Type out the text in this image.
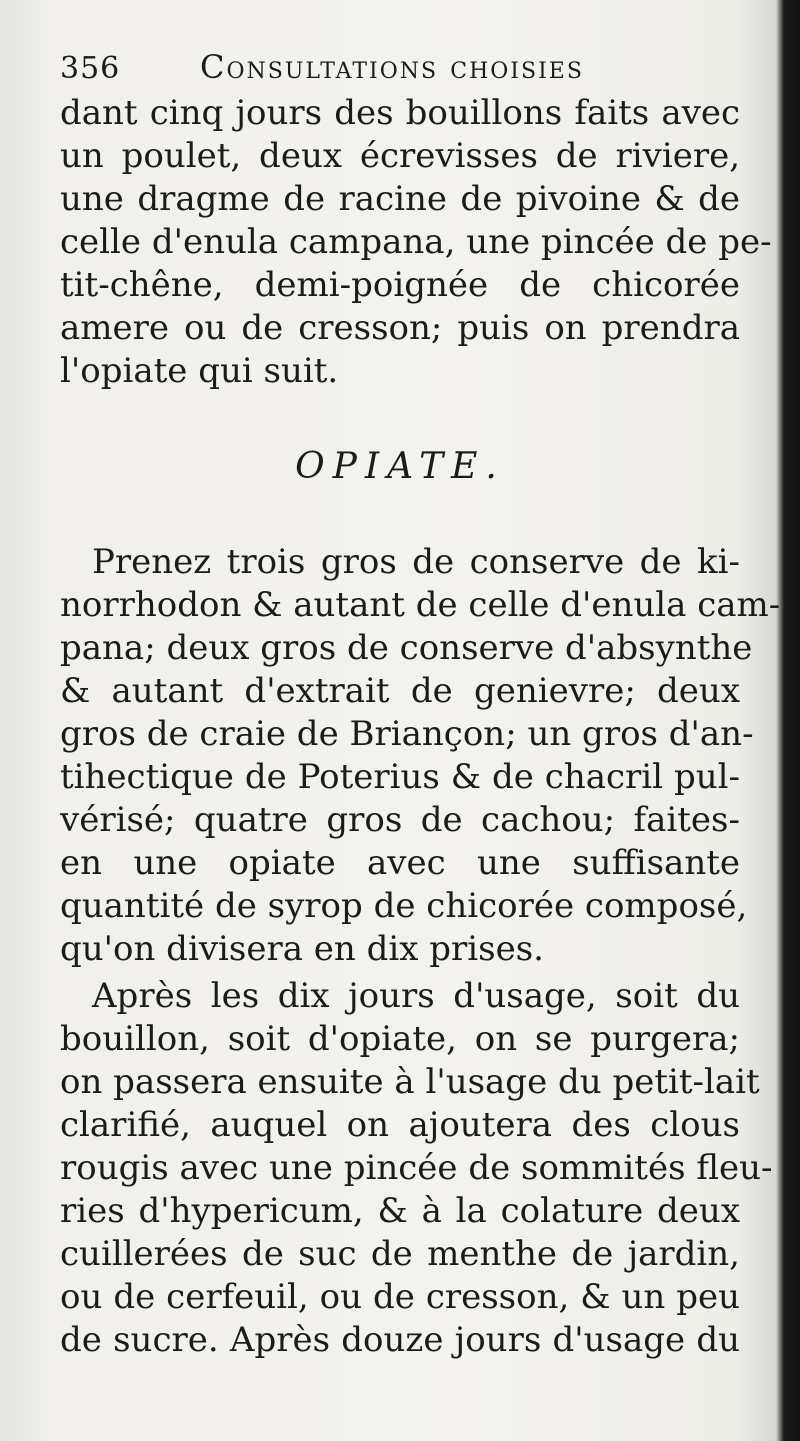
356	Consultations choisies
dant cinq jours des bouillons faits avec
un poulet, deux écrevisses de riviere,
une dragme de racine de pivoine & de
celle d'enula campana, une pincée de pe-
tit-chêne, demi-poignée de chicorée
amere ou de cresson; puis on prendra
l'opiate qui suit.
OPIATE.
Prenez trois gros de conserve de ki-
norrhodon & autant de celle d'enula cam-
pana; deux gros de conserve d'absynthe
& autant d'extrait de genievre; deux
gros de craie de Briançon; un gros d'an-
tihectique de Poterius & de chacril pul-
vérisé; quatre gros de cachou; faites-
en une opiate avec une suffisante
quantité de syrop de chicorée composé,
qu'on divisera en dix prises.
Après les dix jours d'usage, soit du
bouillon, soit d'opiate, on se purgera;
on passera ensuite à l'usage du petit-lait
clarifié, auquel on ajoutera des clous
rougis avec une pincée de sommités fleu-
ries d'hypericum, & à la colature deux
cuillerées de suc de menthe de jardin,
ou de cerfeuil, ou de cresson, & un peu
de sucre. Après douze jours d'usage du
